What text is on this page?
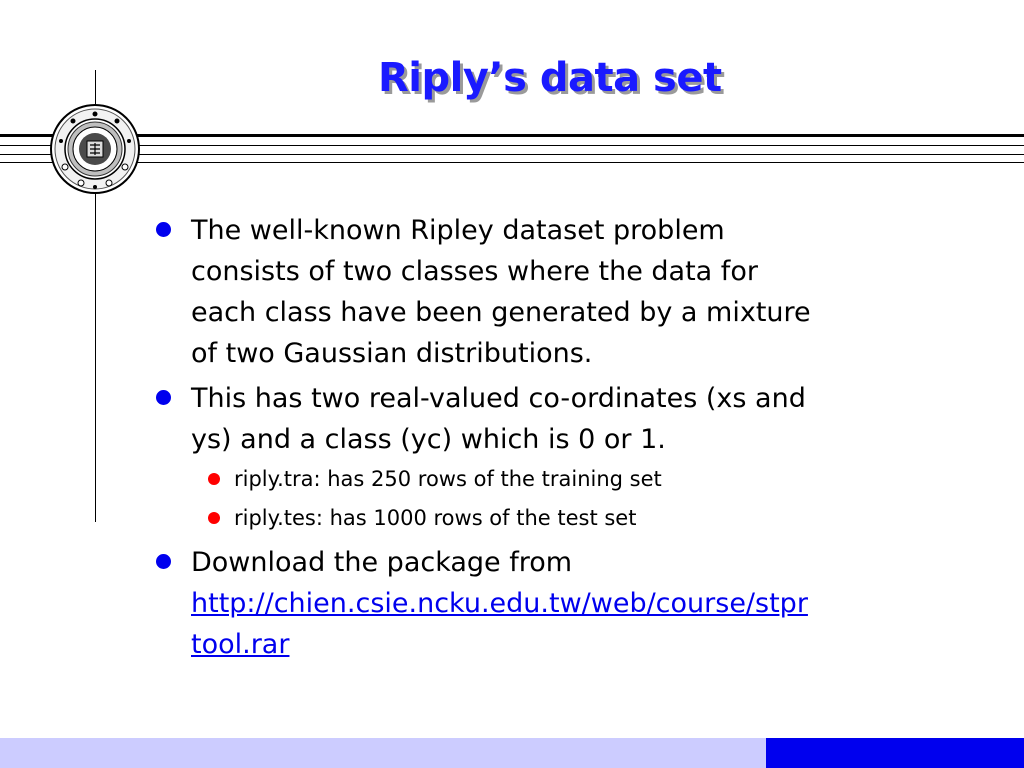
Riply’s data set
The well-known Ripley dataset problem
consists of two classes where the data for
each class have been generated by a mixture
of two Gaussian distributions.
This has two real-valued co-ordinates (xs and
ys) and a class (yc) which is 0 or 1.
riply.tra: has 250 rows of the training set
riply.tes: has 1000 rows of the test set
Download the package from
http://chien.csie.ncku.edu.tw/web/course/stpr
tool.rar
